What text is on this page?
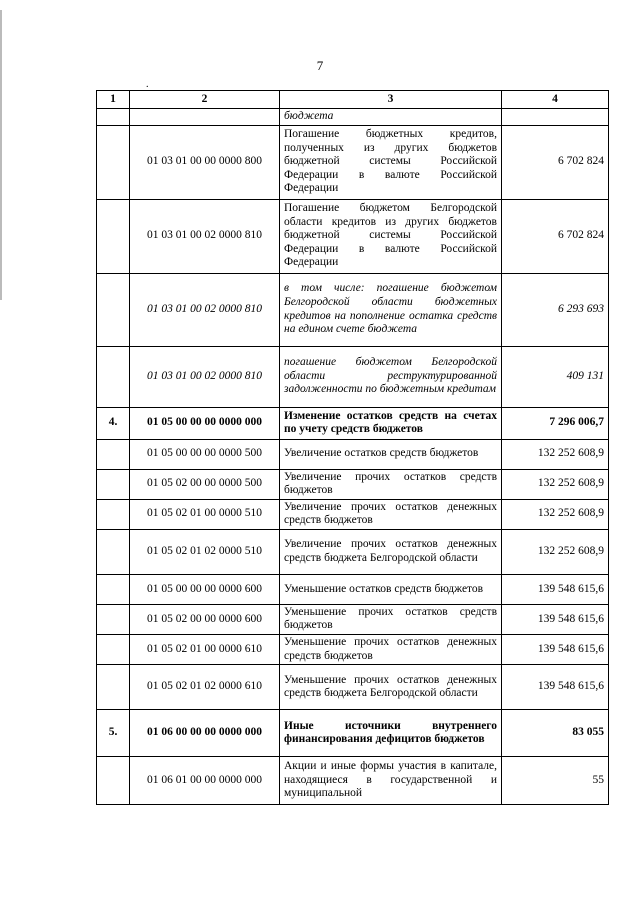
7
.
1	2	3	4
		бюджета	
	01 03 01 00 00 0000 800	Погашение бюджетных кредитов, полученных из других бюджетов бюджетной системы Российской Федерации в валюте Российской Федерации	6 702 824
	01 03 01 00 02 0000 810	Погашение бюджетом Белгородской области кредитов из других бюджетов бюджетной системы Российской Федерации в валюте Российской Федерации	6 702 824
	01 03 01 00 02 0000 810	в том числе: погашение бюджетом Белгородской области бюджетных кредитов на пополнение остатка средств на едином счете бюджета	6 293 693
	01 03 01 00 02 0000 810	погашение бюджетом Белгородской области реструктурированной задолженности по бюджетным кредитам	409 131
4.	01 05 00 00 00 0000 000	Изменение остатков средств на счетах по учету средств бюджетов	7 296 006,7
	01 05 00 00 00 0000 500	Увеличение остатков средств бюджетов	132 252 608,9
	01 05 02 00 00 0000 500	Увеличение прочих остатков средств бюджетов	132 252 608,9
	01 05 02 01 00 0000 510	Увеличение прочих остатков денежных средств бюджетов	132 252 608,9
	01 05 02 01 02 0000 510	Увеличение прочих остатков денежных средств бюджета Белгородской области	132 252 608,9
	01 05 00 00 00 0000 600	Уменьшение остатков средств бюджетов	139 548 615,6
	01 05 02 00 00 0000 600	Уменьшение прочих остатков средств бюджетов	139 548 615,6
	01 05 02 01 00 0000 610	Уменьшение прочих остатков денежных средств бюджетов	139 548 615,6
	01 05 02 01 02 0000 610	Уменьшение прочих остатков денежных средств бюджета Белгородской области	139 548 615,6
5.	01 06 00 00 00 0000 000	Иные источники внутреннего финансирования дефицитов бюджетов	83 055
	01 06 01 00 00 0000 000	Акции и иные формы участия в капитале, находящиеся в государственной и муниципальной	55
